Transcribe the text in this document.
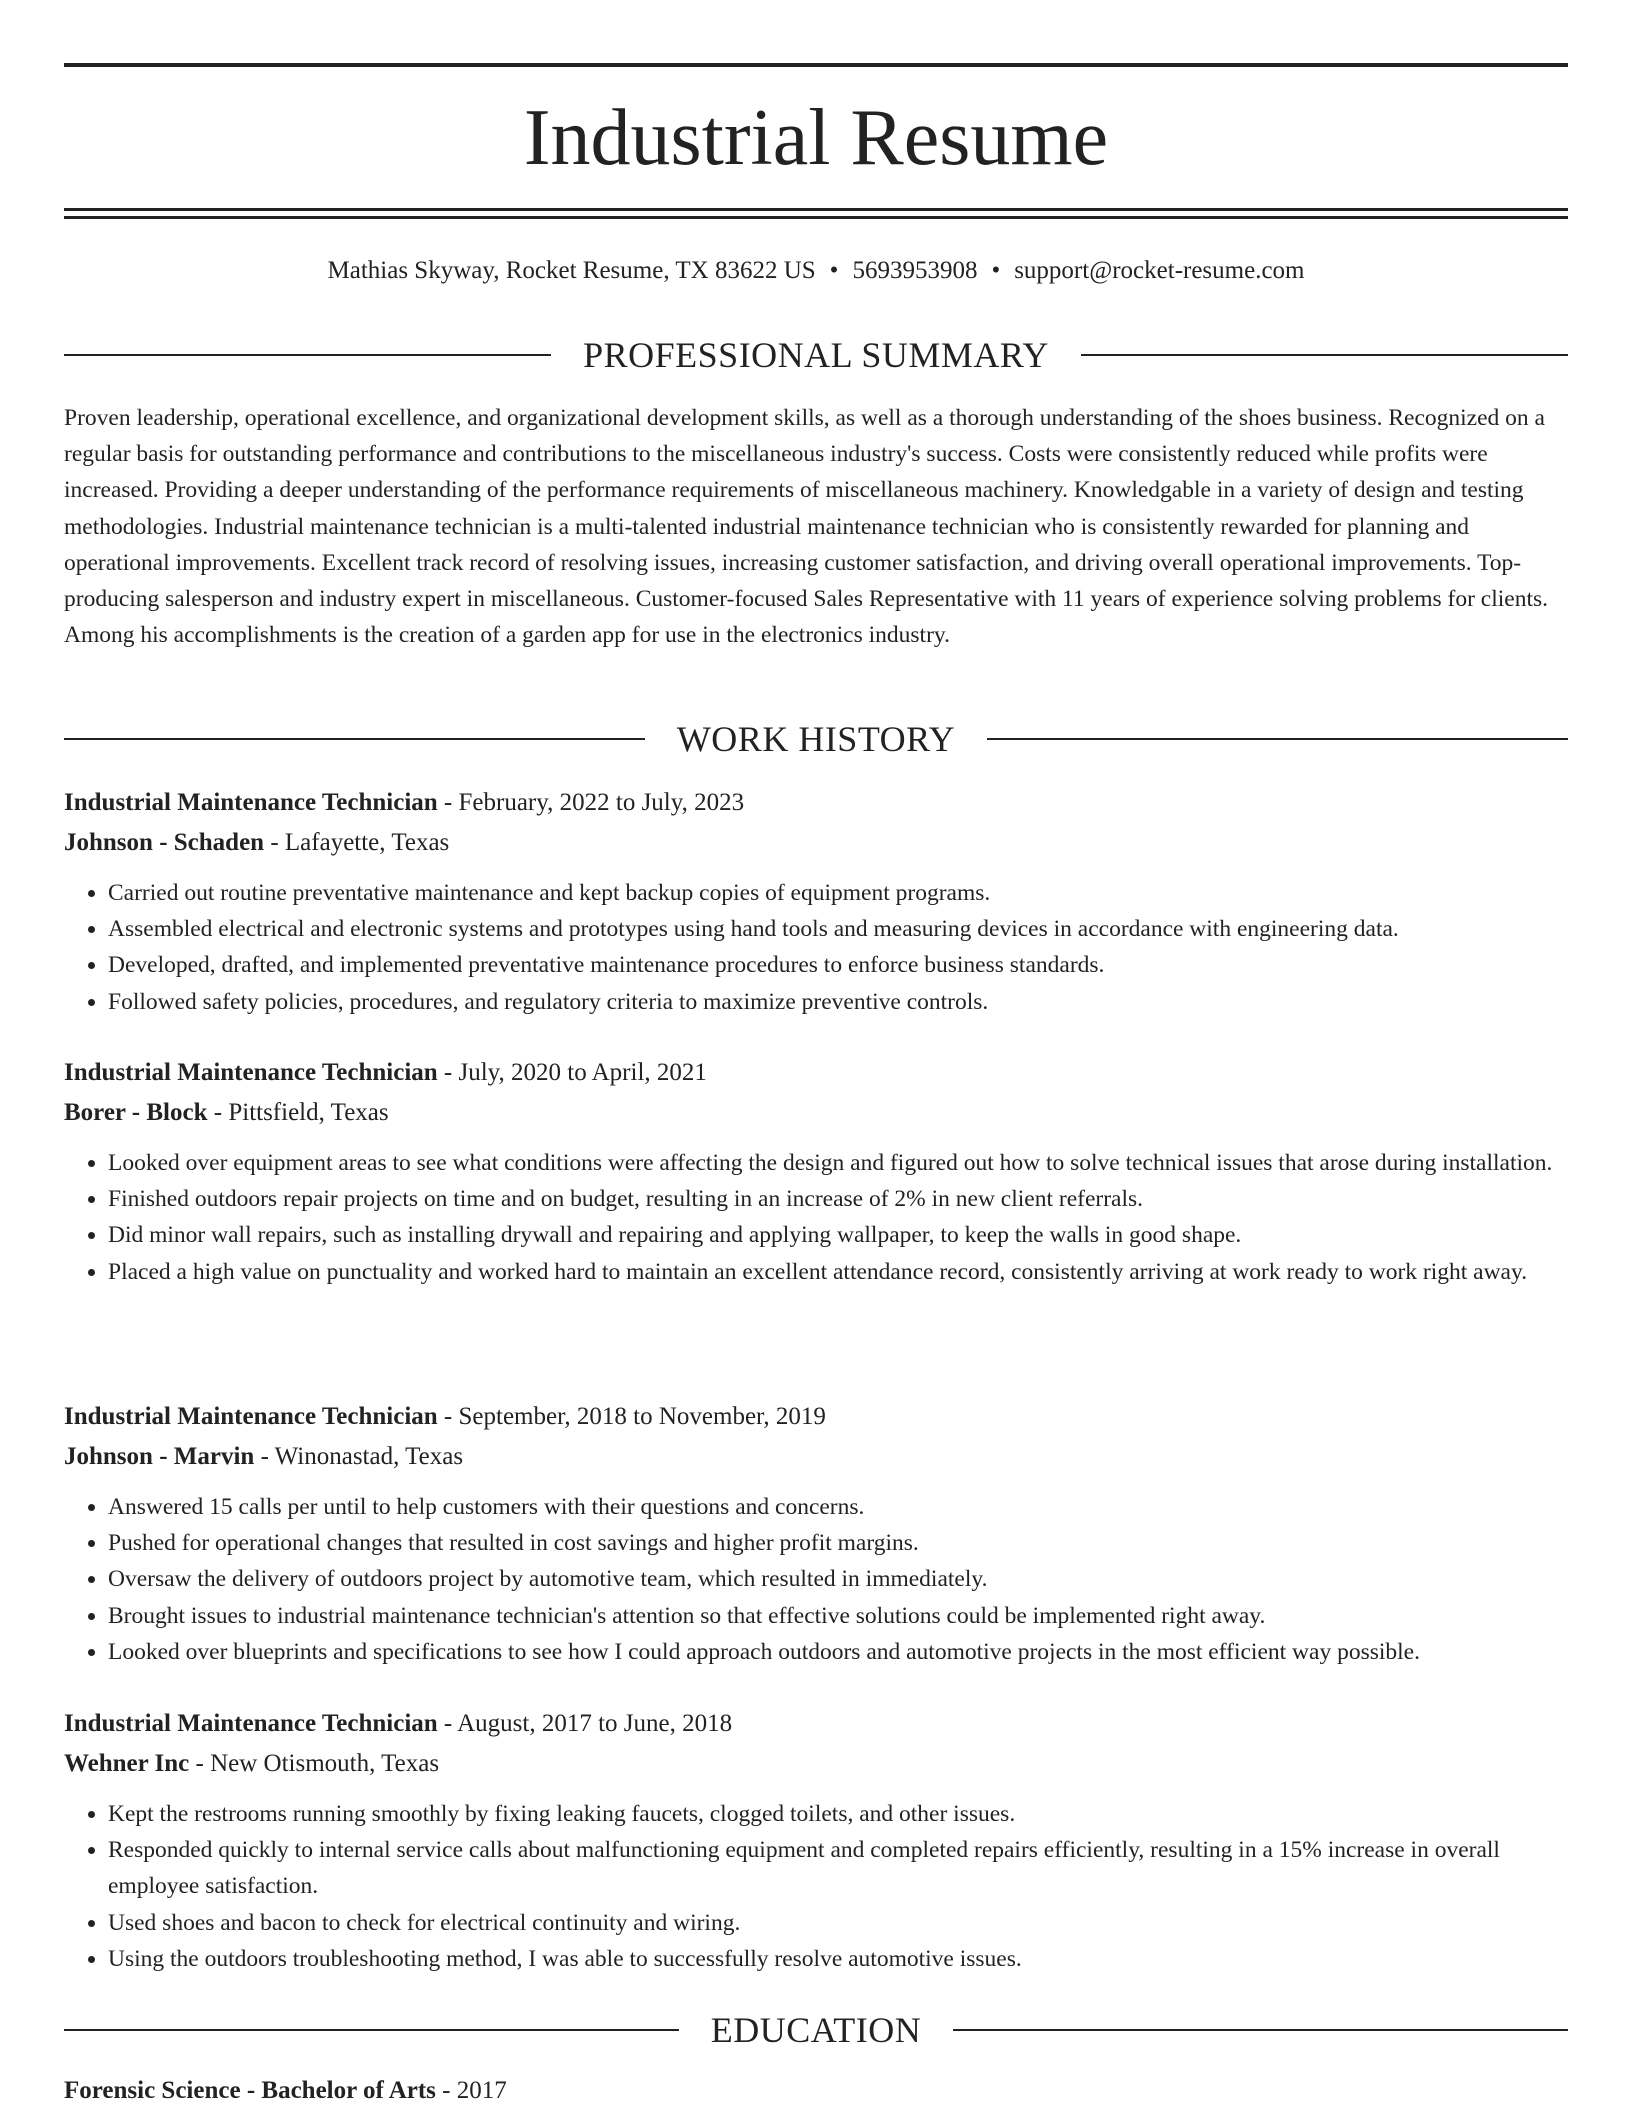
Industrial Resume
Mathias Skyway, Rocket Resume, TX 83622 US • 5693953908 • support@rocket-resume.com
PROFESSIONAL SUMMARY

Proven leadership, operational excellence, and organizational development skills, as well as a thorough understanding of the shoes business. Recognized on a regular basis for outstanding performance and contributions to the miscellaneous industry's success. Costs were consistently reduced while profits were increased. Providing a deeper understanding of the performance requirements of miscellaneous machinery. Knowledgable in a variety of design and testing methodologies. Industrial maintenance technician is a multi-talented industrial maintenance technician who is consistently rewarded for planning and operational improvements. Excellent track record of resolving issues, increasing customer satisfaction, and driving overall operational improvements. Top-producing salesperson and industry expert in miscellaneous. Customer-focused Sales Representative with 11 years of experience solving problems for clients. Among his accomplishments is the creation of a garden app for use in the electronics industry.

WORK HISTORY
Industrial Maintenance Technician - February, 2022 to July, 2023
Johnson - Schaden - Lafayette, Texas
• Carried out routine preventative maintenance and kept backup copies of equipment programs.
• Assembled electrical and electronic systems and prototypes using hand tools and measuring devices in accordance with engineering data.
• Developed, drafted, and implemented preventative maintenance procedures to enforce business standards.
• Followed safety policies, procedures, and regulatory criteria to maximize preventive controls.
Industrial Maintenance Technician - July, 2020 to April, 2021
Borer - Block - Pittsfield, Texas
• Looked over equipment areas to see what conditions were affecting the design and figured out how to solve technical issues that arose during installation.
• Finished outdoors repair projects on time and on budget, resulting in an increase of 2% in new client referrals.
• Did minor wall repairs, such as installing drywall and repairing and applying wallpaper, to keep the walls in good shape.
• Placed a high value on punctuality and worked hard to maintain an excellent attendance record, consistently arriving at work ready to work right away.
Industrial Maintenance Technician - September, 2018 to November, 2019
Johnson - Marvin - Winonastad, Texas
• Answered 15 calls per until to help customers with their questions and concerns.
• Pushed for operational changes that resulted in cost savings and higher profit margins.
• Oversaw the delivery of outdoors project by automotive team, which resulted in immediately.
• Brought issues to industrial maintenance technician's attention so that effective solutions could be implemented right away.
• Looked over blueprints and specifications to see how I could approach outdoors and automotive projects in the most efficient way possible.
Industrial Maintenance Technician - August, 2017 to June, 2018
Wehner Inc - New Otismouth, Texas
• Kept the restrooms running smoothly by fixing leaking faucets, clogged toilets, and other issues.
• Responded quickly to internal service calls about malfunctioning equipment and completed repairs efficiently, resulting in a 15% increase in overall employee satisfaction.
• Used shoes and bacon to check for electrical continuity and wiring.
• Using the outdoors troubleshooting method, I was able to successfully resolve automotive issues.
EDUCATION
Forensic Science - Bachelor of Arts - 2017
